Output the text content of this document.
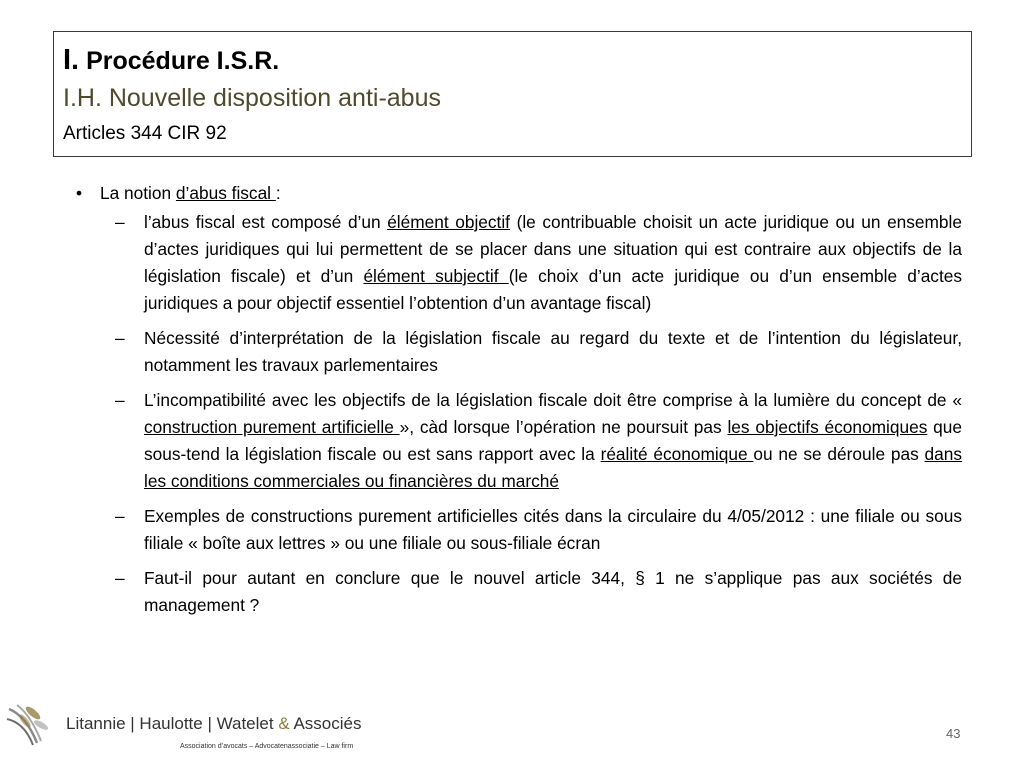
I. Procédure I.S.R.
I.H. Nouvelle disposition anti-abus
Articles 344 CIR 92
• La notion d’abus fiscal :
– l’abus fiscal est composé d’un élément objectif (le contribuable choisit un acte juridique ou un ensemble d’actes juridiques qui lui permettent de se placer dans une situation qui est contraire aux objectifs de la législation fiscale) et d’un élément subjectif (le choix d’un acte juridique ou d’un ensemble d’actes juridiques a pour objectif essentiel l’obtention d’un avantage fiscal)
– Nécessité d’interprétation de la législation fiscale au regard du texte et de l’intention du législateur, notamment les travaux parlementaires
– L’incompatibilité avec les objectifs de la législation fiscale doit être comprise à la lumière du concept de « construction purement artificielle », càd lorsque l’opération ne poursuit pas les objectifs économiques que sous-tend la législation fiscale ou est sans rapport avec la réalité économique ou ne se déroule pas dans les conditions commerciales ou financières du marché
– Exemples de constructions purement artificielles cités dans la circulaire du 4/05/2012 : une filiale ou sous filiale « boîte aux lettres » ou une filiale ou sous-filiale écran
– Faut-il pour autant en conclure que le nouvel article 344, § 1 ne s’applique pas aux sociétés de management ?
Litannie | Haulotte | Watelet & Associés
Association d’avocats – Advocatenassociatie – Law firm
43
